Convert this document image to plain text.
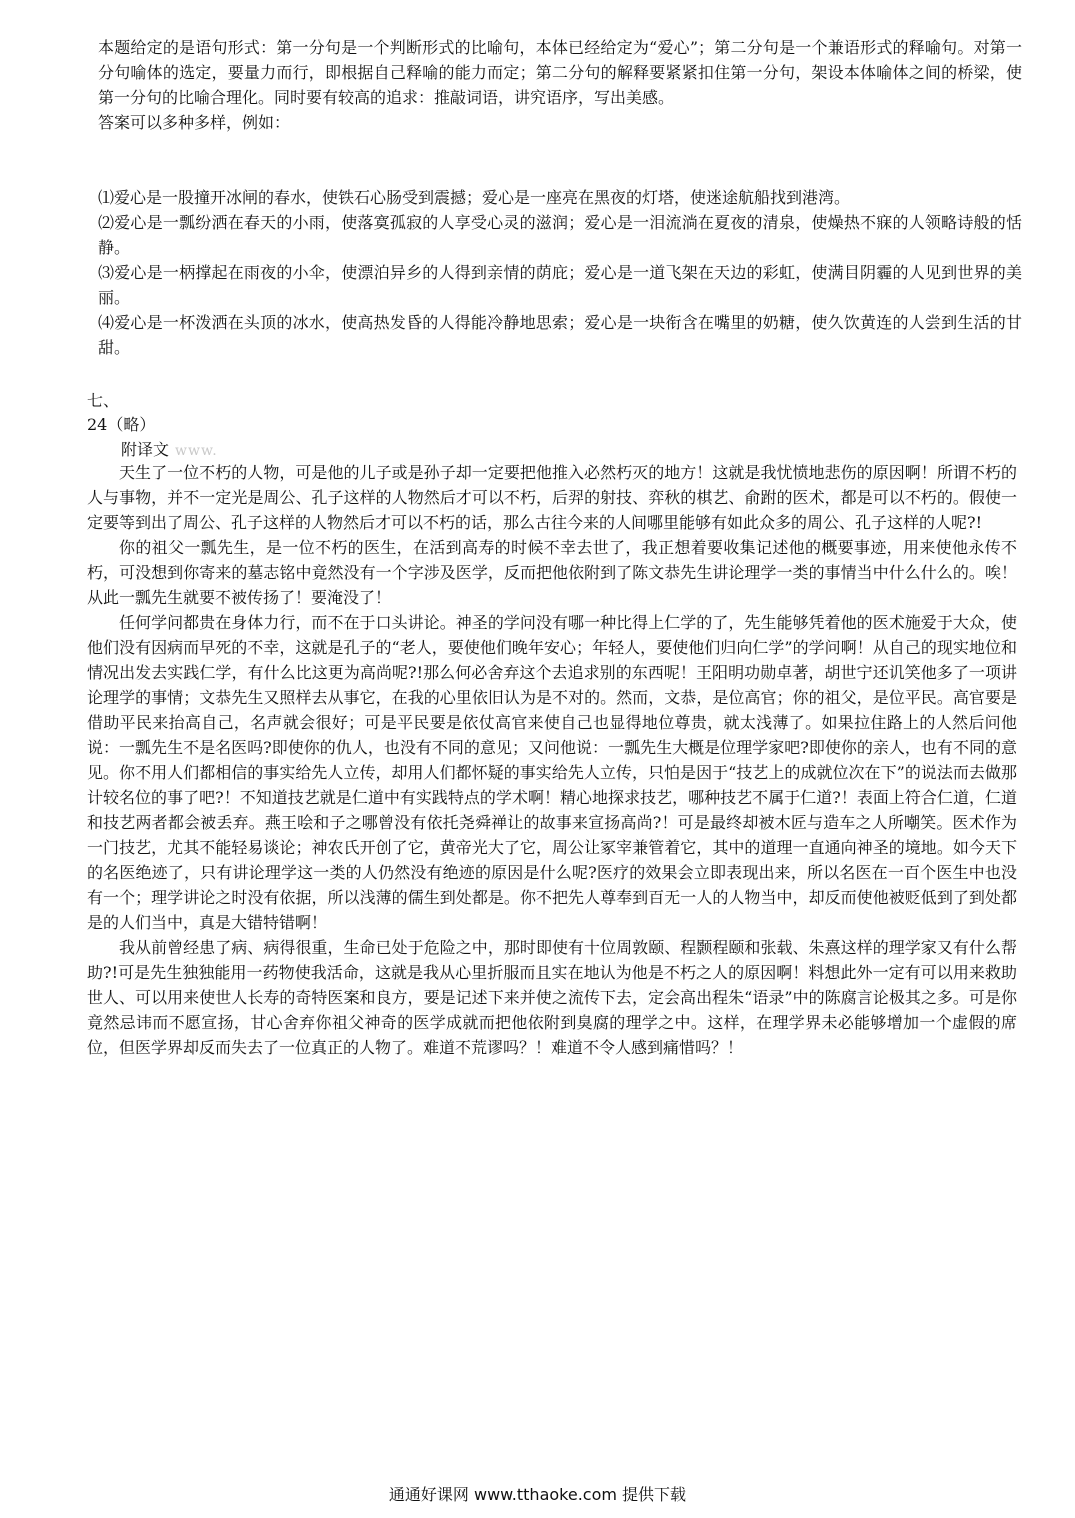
本题给定的是语句形式：第一分句是一个判断形式的比喻句，本体已经给定为“爱心”；第二分句是一个兼语形式的释喻句。对第一分句喻体的选定，要量力而行，即根据自己释喻的能力而定；第二分句的解释要紧紧扣住第一分句，架设本体喻体之间的桥梁，使第一分句的比喻合理化。同时要有较高的追求：推敲词语，讲究语序，写出美感。

答案可以多种多样，例如：

⑴爱心是一股撞开冰闸的春水，使铁石心肠受到震撼；爱心是一座亮在黑夜的灯塔，使迷途航船找到港湾。

⑵爱心是一瓢纷洒在春天的小雨，使落寞孤寂的人享受心灵的滋润；爱心是一泪流淌在夏夜的清泉，使燥热不寐的人领略诗般的恬静。

⑶爱心是一柄撑起在雨夜的小伞，使漂泊异乡的人得到亲情的荫庇；爱心是一道飞架在天边的彩虹，使满目阴霾的人见到世界的美丽。

⑷爱心是一杯泼洒在头顶的冰水，使高热发昏的人得能冷静地思索；爱心是一块衔含在嘴里的奶糖，使久饮黄连的人尝到生活的甘甜。

七、
24（略）
附译文 www.

天生了一位不朽的人物，可是他的儿子或是孙子却一定要把他推入必然朽灭的地方！这就是我忧愤地悲伤的原因啊！所谓不朽的人与事物，并不一定光是周公、孔子这样的人物然后才可以不朽，后羿的射技、弈秋的棋艺、俞跗的医术，都是可以不朽的。假使一定要等到出了周公、孔子这样的人物然后才可以不朽的话，那么古往今来的人间哪里能够有如此众多的周公、孔子这样的人呢?!

你的祖父一瓢先生，是一位不朽的医生，在活到高寿的时候不幸去世了，我正想着要收集记述他的概要事迹，用来使他永传不朽，可没想到你寄来的墓志铭中竟然没有一个字涉及医学，反而把他依附到了陈文恭先生讲论理学一类的事情当中什么什么的。唉！从此一瓢先生就要不被传扬了！要淹没了！

任何学问都贵在身体力行，而不在于口头讲论。神圣的学问没有哪一种比得上仁学的了，先生能够凭着他的医术施爱于大众，使他们没有因病而早死的不幸，这就是孔子的“老人，要使他们晚年安心；年轻人，要使他们归向仁学”的学问啊！从自己的现实地位和情况出发去实践仁学，有什么比这更为高尚呢?!那么何必舍弃这个去追求别的东西呢！王阳明功勋卓著，胡世宁还讥笑他多了一项讲论理学的事情；文恭先生又照样去从事它，在我的心里依旧认为是不对的。然而，文恭，是位高官；你的祖父，是位平民。高官要是借助平民来抬高自己，名声就会很好；可是平民要是依仗高官来使自己也显得地位尊贵，就太浅薄了。如果拉住路上的人然后问他说：一瓢先生不是名医吗?即使你的仇人，也没有不同的意见；又问他说：一瓢先生大概是位理学家吧?即使你的亲人，也有不同的意见。你不用人们都相信的事实给先人立传，却用人们都怀疑的事实给先人立传，只怕是因于“技艺上的成就位次在下”的说法而去做那计较名位的事了吧?！不知道技艺就是仁道中有实践特点的学术啊！精心地探求技艺，哪种技艺不属于仁道?！表面上符合仁道，仁道和技艺两者都会被丢弃。燕王哙和子之哪曾没有依托尧舜禅让的故事来宣扬高尚?！可是最终却被木匠与造车之人所嘲笑。医术作为一门技艺，尤其不能轻易谈论；神农氏开创了它，黄帝光大了它，周公让冢宰兼管着它，其中的道理一直通向神圣的境地。如今天下的名医绝迹了，只有讲论理学这一类的人仍然没有绝迹的原因是什么呢?医疗的效果会立即表现出来，所以名医在一百个医生中也没有一个；理学讲论之时没有依据，所以浅薄的儒生到处都是。你不把先人尊奉到百无一人的人物当中，却反而使他被贬低到了到处都是的人们当中，真是大错特错啊！

我从前曾经患了病、病得很重，生命已处于危险之中，那时即使有十位周敦颐、程颢程颐和张载、朱熹这样的理学家又有什么帮助?!可是先生独独能用一药物使我活命，这就是我从心里折服而且实在地认为他是不朽之人的原因啊！料想此外一定有可以用来救助世人、可以用来使世人长寿的奇特医案和良方，要是记述下来并使之流传下去，定会高出程朱“语录”中的陈腐言论极其之多。可是你竟然忌讳而不愿宣扬，甘心舍弃你祖父神奇的医学成就而把他依附到臭腐的理学之中。这样，在理学界未必能够增加一个虚假的席位，但医学界却反而失去了一位真正的人物了。难道不荒谬吗？！难道不令人感到痛惜吗？！

通通好课网 www.tthaoke.com 提供下载
